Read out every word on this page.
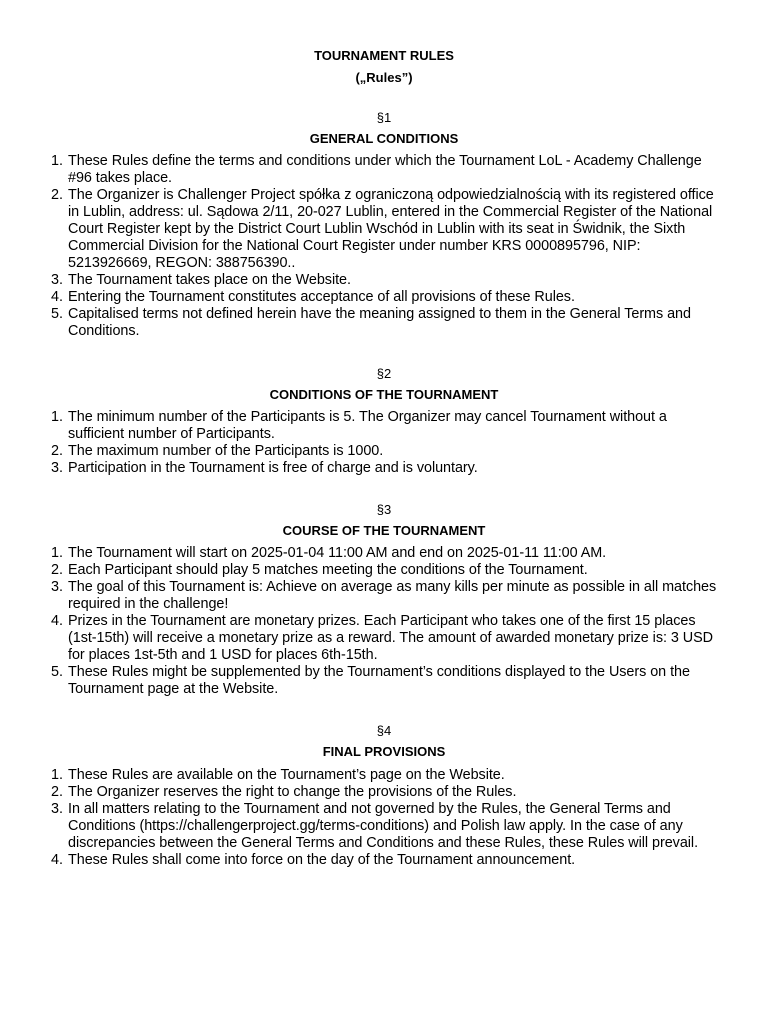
TOURNAMENT RULES
(„Rules”)
§1
GENERAL CONDITIONS
1. These Rules define the terms and conditions under which the Tournament LoL - Academy Challenge #96 takes place.
2. The Organizer is Challenger Project spółka z ograniczoną odpowiedzialnością with its registered office in Lublin, address: ul. Sądowa 2/11, 20-027 Lublin, entered in the Commercial Register of the National Court Register kept by the District Court Lublin Wschód in Lublin with its seat in Świdnik, the Sixth Commercial Division for the National Court Register under number KRS 0000895796, NIP: 5213926669, REGON: 388756390..
3. The Tournament takes place on the Website.
4. Entering the Tournament constitutes acceptance of all provisions of these Rules.
5. Capitalised terms not defined herein have the meaning assigned to them in the General Terms and Conditions.
§2
CONDITIONS OF THE TOURNAMENT
1. The minimum number of the Participants is 5. The Organizer may cancel Tournament without a sufficient number of Participants.
2. The maximum number of the Participants is 1000.
3. Participation in the Tournament is free of charge and is voluntary.
§3
COURSE OF THE TOURNAMENT
1. The Tournament will start on 2025-01-04 11:00 AM and end on 2025-01-11 11:00 AM.
2. Each Participant should play 5 matches meeting the conditions of the Tournament.
3. The goal of this Tournament is: Achieve on average as many kills per minute as possible in all matches required in the challenge!
4. Prizes in the Tournament are monetary prizes. Each Participant who takes one of the first 15 places (1st-15th) will receive a monetary prize as a reward. The amount of awarded monetary prize is: 3 USD for places 1st-5th and 1 USD for places 6th-15th.
5. These Rules might be supplemented by the Tournament’s conditions displayed to the Users on the Tournament page at the Website.
§4
FINAL PROVISIONS
1. These Rules are available on the Tournament’s page on the Website.
2. The Organizer reserves the right to change the provisions of the Rules.
3. In all matters relating to the Tournament and not governed by the Rules, the General Terms and Conditions (https://challengerproject.gg/terms-conditions) and Polish law apply. In the case of any discrepancies between the General Terms and Conditions and these Rules, these Rules will prevail.
4. These Rules shall come into force on the day of the Tournament announcement.
